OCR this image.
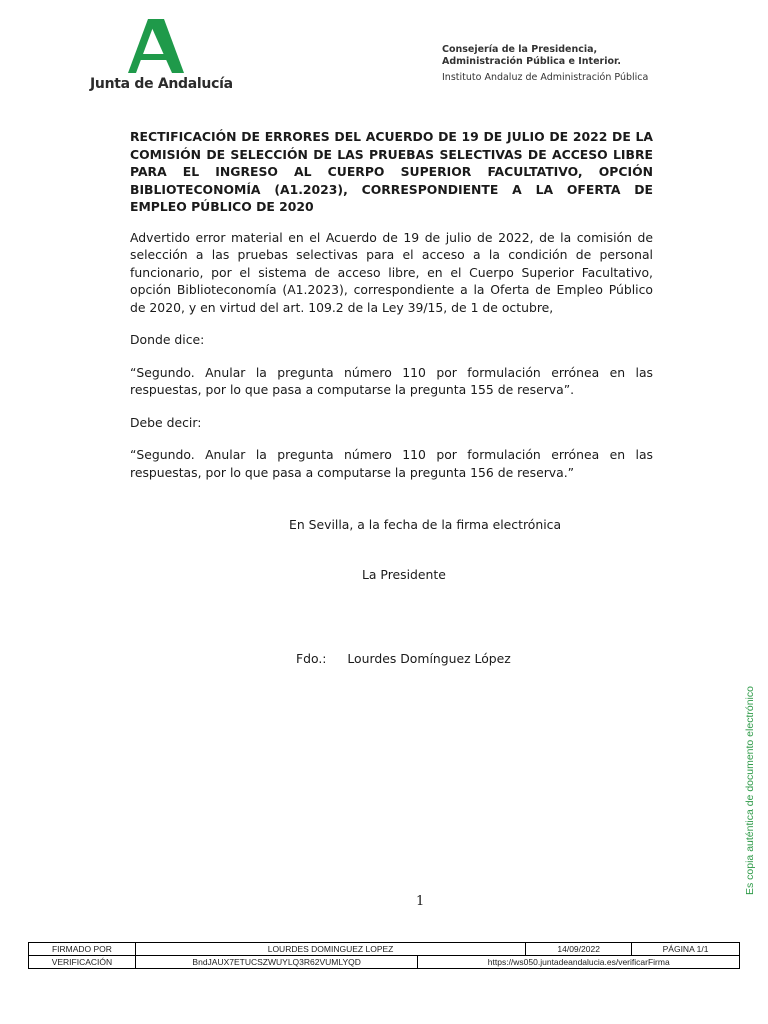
Junta de Andalucía
Consejería de la Presidencia, Administración Pública e Interior.
Instituto Andaluz de Administración Pública

RECTIFICACIÓN DE ERRORES DEL ACUERDO DE 19 DE JULIO DE 2022 DE LA COMISIÓN DE SELECCIÓN DE LAS PRUEBAS SELECTIVAS DE ACCESO LIBRE PARA EL INGRESO AL CUERPO SUPERIOR FACULTATIVO, OPCIÓN BIBLIOTECONOMÍA (A1.2023), CORRESPONDIENTE A LA OFERTA DE EMPLEO PÚBLICO DE 2020

Advertido error material en el Acuerdo de 19 de julio de 2022, de la comisión de selección a las pruebas selectivas para el acceso a la condición de personal funcionario, por el sistema de acceso libre, en el Cuerpo Superior Facultativo, opción Biblioteconomía (A1.2023), correspondiente a la Oferta de Empleo Público de 2020, y en virtud del art. 109.2 de la Ley 39/15, de 1 de octubre,

Donde dice:

“Segundo. Anular la pregunta número 110 por formulación errónea en las respuestas, por lo que pasa a computarse la pregunta 155 de reserva”.

Debe decir:

“Segundo. Anular la pregunta número 110 por formulación errónea en las respuestas, por lo que pasa a computarse la pregunta 156 de reserva.”

En Sevilla, a la fecha de la firma electrónica
La Presidente
Fdo.: Lourdes Domínguez López
1
Es copia auténtica de documento electrónico
FIRMADO POR	LOURDES DOMINGUEZ LOPEZ		14/09/2022	PÁGINA 1/1
VERIFICACIÓN	BndJAUX7ETUCSZWUYLQ3R62VUMLYQD	https://ws050.juntadeandalucia.es/verificarFirma		
